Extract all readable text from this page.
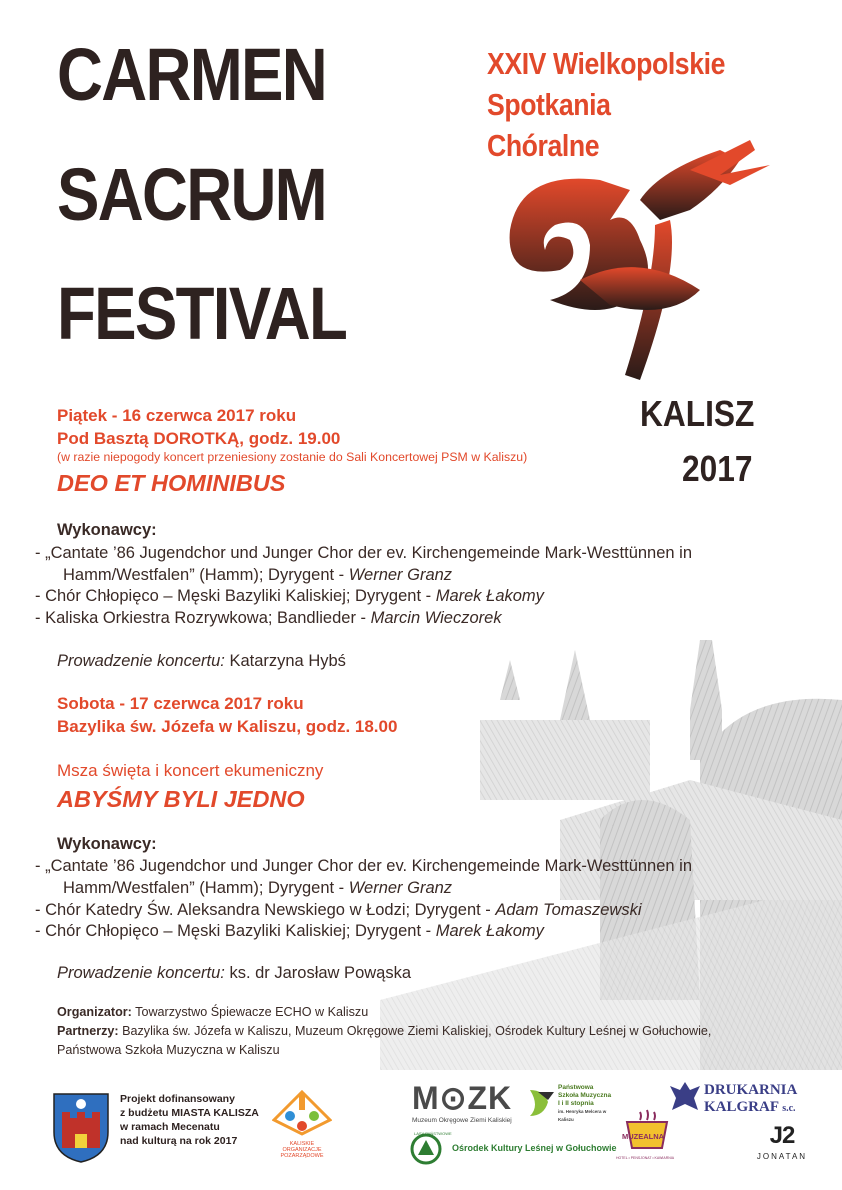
CARMEN
SACRUM
FESTIVAL
XXIV Wielkopolskie
Spotkania
Chóralne
KALISZ
2017
Piątek - 16 czerwca 2017 roku
Pod Basztą DOROTKĄ, godz. 19.00
(w razie niepogody koncert przeniesiony zostanie do Sali Koncertowej PSM w Kaliszu)
DEO ET HOMINIBUS
Wykonawcy:
- „Cantate ’86 Jugendchor und Junger Chor der ev. Kirchengemeinde Mark-Westtünnen in
Hamm/Westfalen” (Hamm); Dyrygent - Werner Granz
- Chór Chłopięco – Męski Bazyliki Kaliskiej; Dyrygent - Marek Łakomy
- Kaliska Orkiestra Rozrywkowa; Bandlieder - Marcin Wieczorek
Prowadzenie koncertu: Katarzyna Hybś
Sobota - 17 czerwca 2017 roku
Bazylika św. Józefa w Kaliszu, godz. 18.00
Msza święta i koncert ekumeniczny
ABYŚMY BYLI JEDNO
Wykonawcy:
- „Cantate ’86 Jugendchor und Junger Chor der ev. Kirchengemeinde Mark-Westtünnen in
Hamm/Westfalen” (Hamm); Dyrygent - Werner Granz
- Chór Katedry Św. Aleksandra Newskiego w Łodzi; Dyrygent - Adam Tomaszewski
- Chór Chłopięco – Męski Bazyliki Kaliskiej; Dyrygent - Marek Łakomy
Prowadzenie koncertu: ks. dr Jarosław Powąska
Organizator: Towarzystwo Śpiewacze ECHO w Kaliszu
Partnerzy: Bazylika św. Józefa w Kaliszu, Muzeum Okręgowe Ziemi Kaliskiej, Ośrodek Kultury Leśnej w Gołuchowie,
Państwowa Szkoła Muzyczna w Kaliszu
Projekt dofinansowany
z budżetu MIASTA KALISZA
w ramach Mecenatu
nad kulturą na rok 2017	KALISKIE
ORGANIZACJE
POZARZĄDOWE
M⊙ZK
Muzeum Okręgowe Ziemi Kaliskiej
Państwowa
Szkoła Muzyczna
I i II stopnia
im. Henryka Melcera w Kaliszu
DRUKARNIA
KALGRAF s.c.
LASY PAŃSTWOWE
Ośrodek Kultury Leśnej w Gołuchowie
MUZEALNA
HOTEL • PENSJONAT • KAWIARNIA
J2
JONATAN
